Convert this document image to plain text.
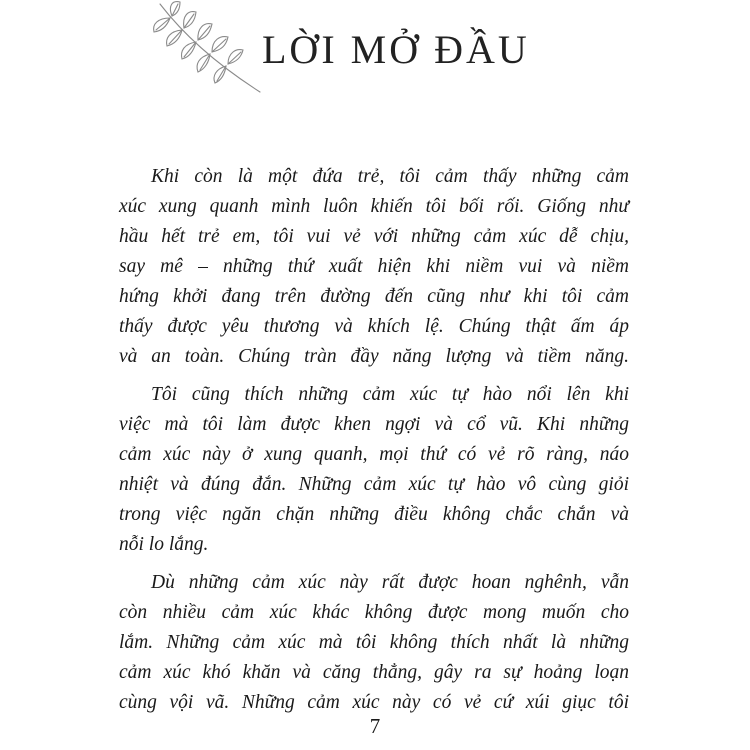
LỜI MỞ ĐẦU
Khi còn là một đứa trẻ, tôi cảm thấy những cảm
xúc xung quanh mình luôn khiến tôi bối rối. Giống như
hầu hết trẻ em, tôi vui vẻ với những cảm xúc dễ chịu,
say mê – những thứ xuất hiện khi niềm vui và niềm
hứng khởi đang trên đường đến cũng như khi tôi cảm
thấy được yêu thương và khích lệ. Chúng thật ấm áp
và an toàn. Chúng tràn đầy năng lượng và tiềm năng.
Tôi cũng thích những cảm xúc tự hào nổi lên khi
việc mà tôi làm được khen ngợi và cổ vũ. Khi những
cảm xúc này ở xung quanh, mọi thứ có vẻ rõ ràng, náo
nhiệt và đúng đắn. Những cảm xúc tự hào vô cùng giỏi
trong việc ngăn chặn những điều không chắc chắn và
nỗi lo lắng.
Dù những cảm xúc này rất được hoan nghênh, vẫn
còn nhiều cảm xúc khác không được mong muốn cho
lắm. Những cảm xúc mà tôi không thích nhất là những
cảm xúc khó khăn và căng thẳng, gây ra sự hoảng loạn
cùng vội vã. Những cảm xúc này có vẻ cứ xúi giục tôi
7
